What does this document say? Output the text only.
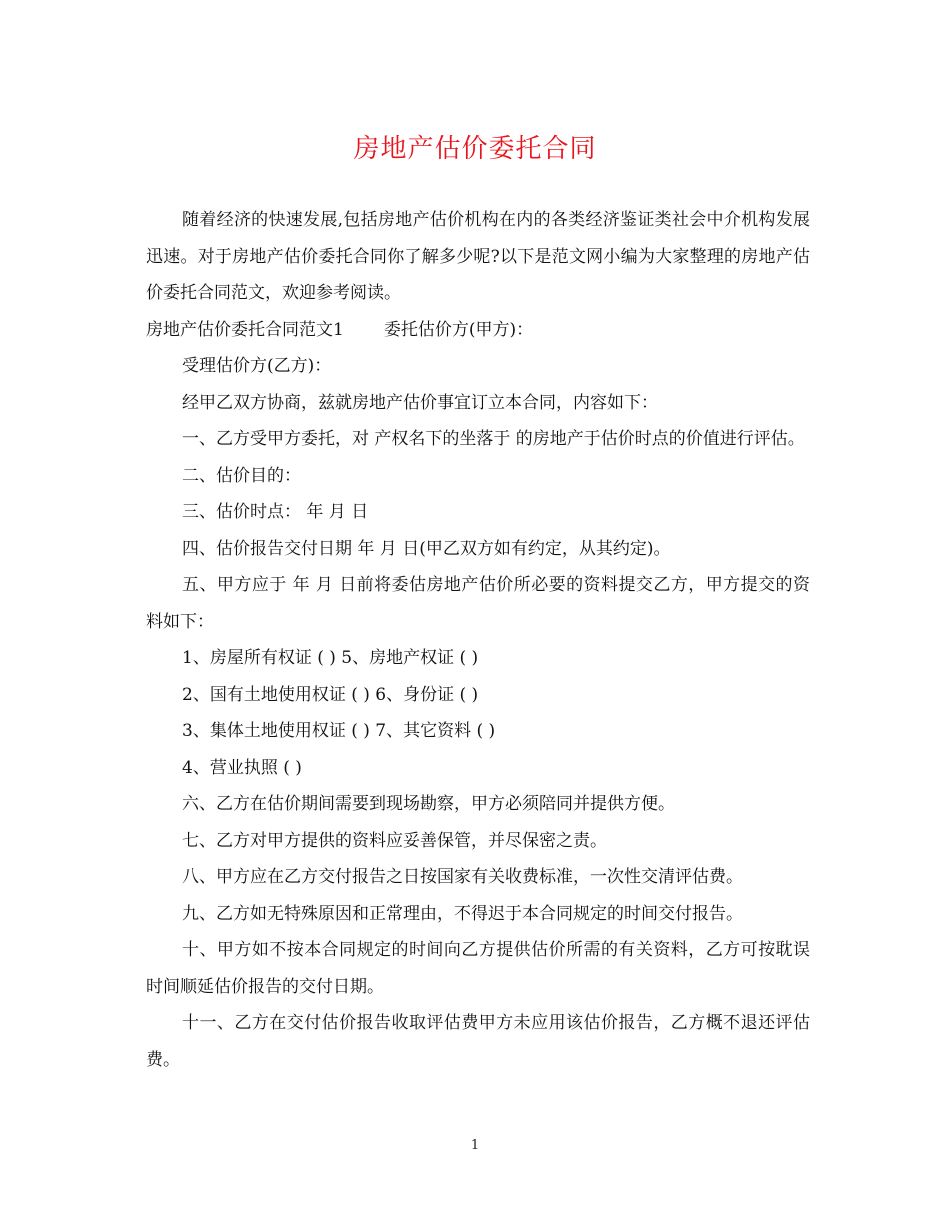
房地产估价委托合同

随着经济的快速发展,包括房地产估价机构在内的各类经济鉴证类社会中介机构发展迅速。对于房地产估价委托合同你了解多少呢?以下是范文网小编为大家整理的房地产估价委托合同范文，欢迎参考阅读。

房地产估价委托合同范文1 委托估价方(甲方)：

受理估价方(乙方)：

经甲乙双方协商，兹就房地产估价事宜订立本合同，内容如下：

一、乙方受甲方委托，对 产权名下的坐落于 的房地产于估价时点的价值进行评估。

二、估价目的：

三、估价时点： 年 月 日

四、估价报告交付日期 年 月 日(甲乙双方如有约定，从其约定)。

五、甲方应于 年 月 日前将委估房地产估价所必要的资料提交乙方，甲方提交的资料如下：

1、房屋所有权证 ( ) 5、房地产权证 ( )

2、国有土地使用权证 ( ) 6、身份证 ( )

3、集体土地使用权证 ( ) 7、其它资料 ( )

4、营业执照 ( )

六、乙方在估价期间需要到现场勘察，甲方必须陪同并提供方便。

七、乙方对甲方提供的资料应妥善保管，并尽保密之责。

八、甲方应在乙方交付报告之日按国家有关收费标准，一次性交清评估费。

九、乙方如无特殊原因和正常理由，不得迟于本合同规定的时间交付报告。

十、甲方如不按本合同规定的时间向乙方提供估价所需的有关资料，乙方可按耽误时间顺延估价报告的交付日期。

十一、乙方在交付估价报告收取评估费甲方未应用该估价报告，乙方概不退还评估费。

1
